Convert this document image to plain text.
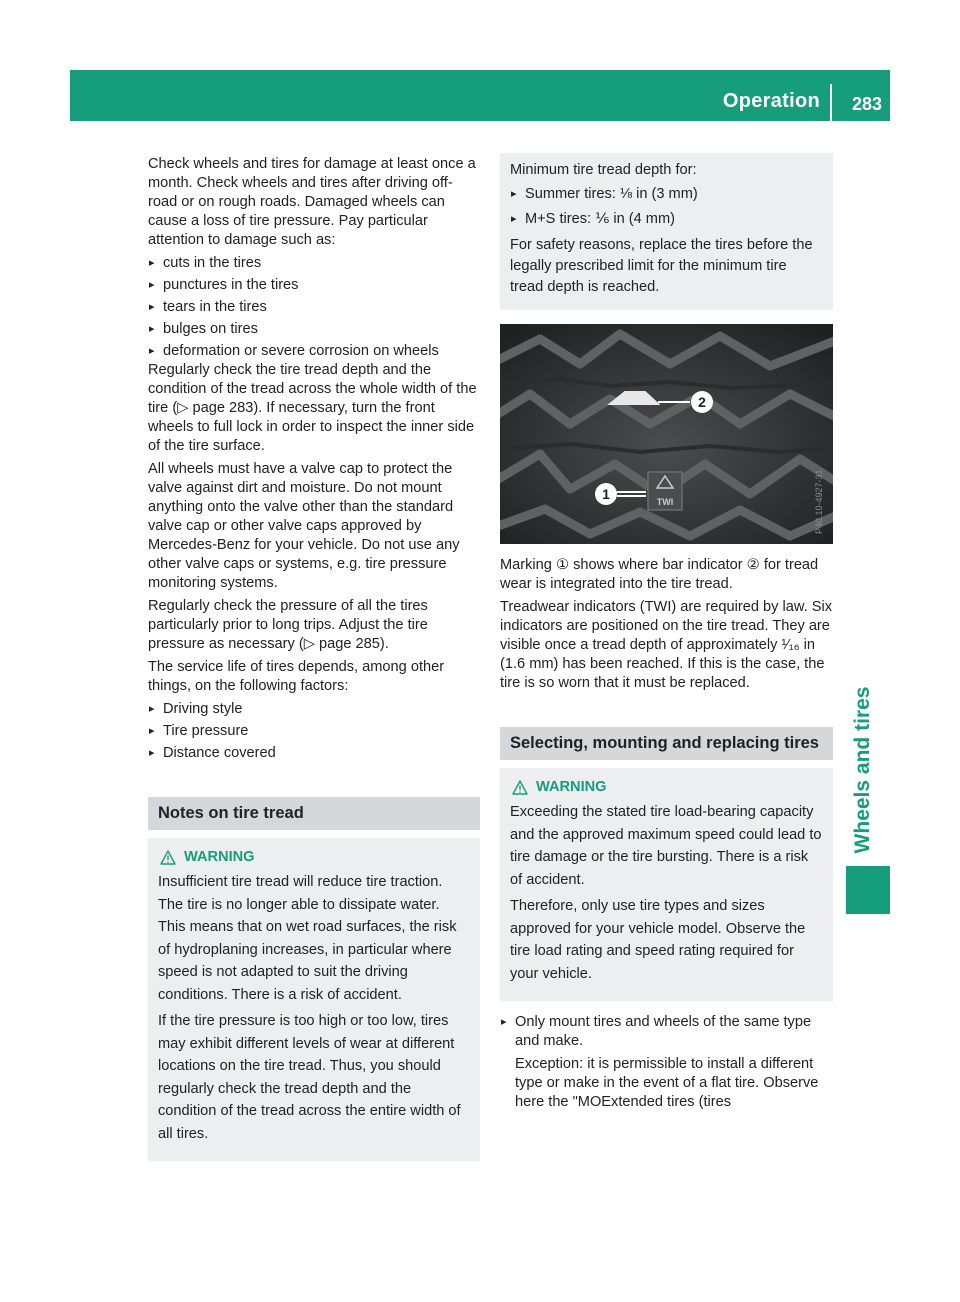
Operation 283
Wheels and tires

Check wheels and tires for damage at least once a month. Check wheels and tires after driving off-road or on rough roads. Damaged wheels can cause a loss of tire pressure. Pay particular attention to damage such as:

▸ cuts in the tires
▸ punctures in the tires
▸ tears in the tires
▸ bulges on tires
▸ deformation or severe corrosion on wheels

Regularly check the tire tread depth and the condition of the tread across the whole width of the tire (▷ page 283). If necessary, turn the front wheels to full lock in order to inspect the inner side of the tire surface.

All wheels must have a valve cap to protect the valve against dirt and moisture. Do not mount anything onto the valve other than the standard valve cap or other valve caps approved by Mercedes-Benz for your vehicle. Do not use any other valve caps or systems, e.g. tire pressure monitoring systems.

Regularly check the pressure of all the tires particularly prior to long trips. Adjust the tire pressure as necessary (▷ page 285).

The service life of tires depends, among other things, on the following factors:

▸ Driving style
▸ Tire pressure
▸ Distance covered
Notes on tire tread
WARNING

Insufficient tire tread will reduce tire traction. The tire is no longer able to dissipate water. This means that on wet road surfaces, the risk of hydroplaning increases, in particular where speed is not adapted to suit the driving conditions. There is a risk of accident.

If the tire pressure is too high or too low, tires may exhibit different levels of wear at different locations on the tire tread. Thus, you should regularly check the tread depth and the condition of the tread across the entire width of all tires.

Minimum tire tread depth for:
▸ Summer tires: ⅛ in (3 mm)
▸ M+S tires: ⅙ in (4 mm)
For safety reasons, replace the tires before the legally prescribed limit for the minimum tire tread depth is reached.
2
TWI
1	P40.10-4927-31

Marking ① shows where bar indicator ② for tread wear is integrated into the tire tread.

Treadwear indicators (TWI) are required by law. Six indicators are positioned on the tire tread. They are visible once a tread depth of approximately ¹⁄₁₆ in (1.6 mm) has been reached. If this is the case, the tire is so worn that it must be replaced.

Selecting, mounting and replacing tires
WARNING

Exceeding the stated tire load-bearing capacity and the approved maximum speed could lead to tire damage or the tire bursting. There is a risk of accident.

Therefore, only use tire types and sizes approved for your vehicle model. Observe the tire load rating and speed rating required for your vehicle.

▸ Only mount tires and wheels of the same type and make.
Exception: it is permissible to install a different type or make in the event of a flat tire. Observe here the "MOExtended tires (tires
